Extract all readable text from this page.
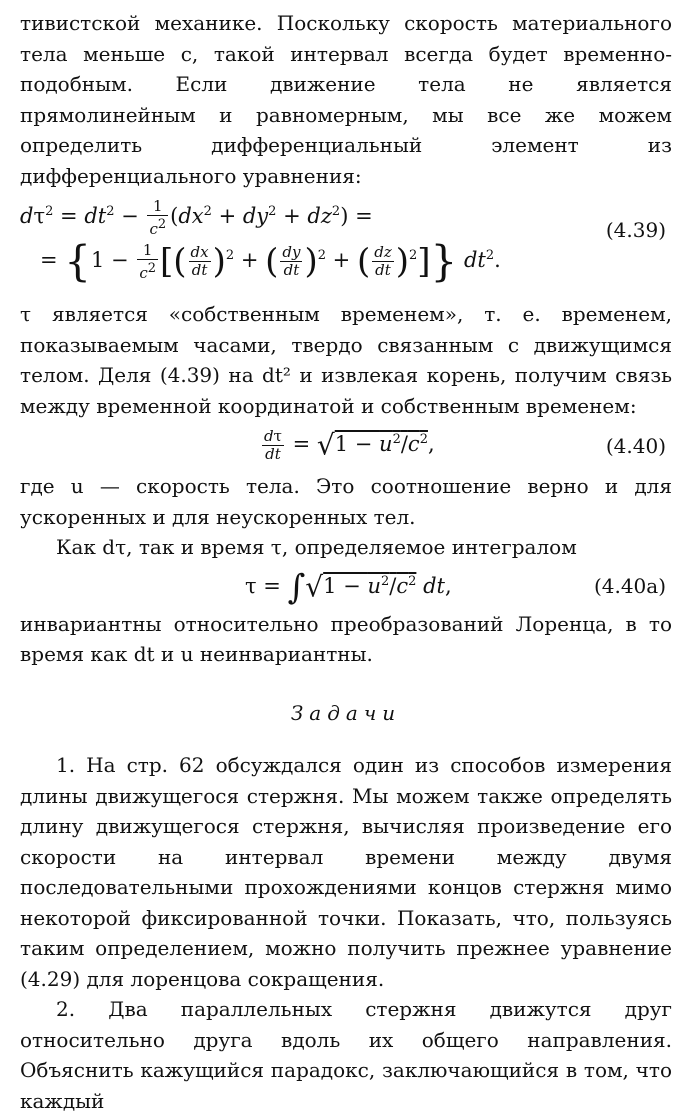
тивистской механике. Поскольку скорость материального тела меньше c, такой интервал всегда будет временно-подобным. Если движение тела не является прямолинейным и равномерным, мы все же можем определить дифференциальный элемент из дифференциального уравнения:

$d\tau^2 = dt^2 - \frac{1}{c^2} (dx^2 + dy^2 + dz^2)$ =
= {$1 - \frac{1}{c^2}$ [( $\frac{dx}{dt} )^2$ + ( $\frac{dy}{dt} )^2$ + ( $\frac{dz}{dt} )^2$]} $dt^2$.
(4.39)

τ является «собственным временем», т. е. временем, показываемым часами, твердо связанным с движущимся телом. Деля (4.39) на dt² и извлекая корень, получим связь между временной координатой и собственным временем:

$\frac{d\tau}{dt} = √1 - u^2/c^2$,	(4.40)

где u — скорость тела. Это соотношение верно и для ускоренных и для неускоренных тел.

Как dτ, так и время τ, определяемое интегралом

$\tau = \int√1 - u^2/c^2$ dt,	(4.40a)

инвариантны относительно преобразований Лоренца, в то время как dt и u неинвариантны.

Задачи

1. На стр. 62 обсуждался один из способов измерения длины движущегося стержня. Мы можем также определять длину движущегося стержня, вычисляя произведение его скорости на интервал времени между двумя последовательными прохождениями концов стержня мимо некоторой фиксированной точки. Показать, что, пользуясь таким определением, можно получить прежнее уравнение (4.29) для лоренцова сокращения.

2. Два параллельных стержня движутся друг относительно друга вдоль их общего направления. Объяснить кажущийся парадокс, заключающийся в том, что каждый
